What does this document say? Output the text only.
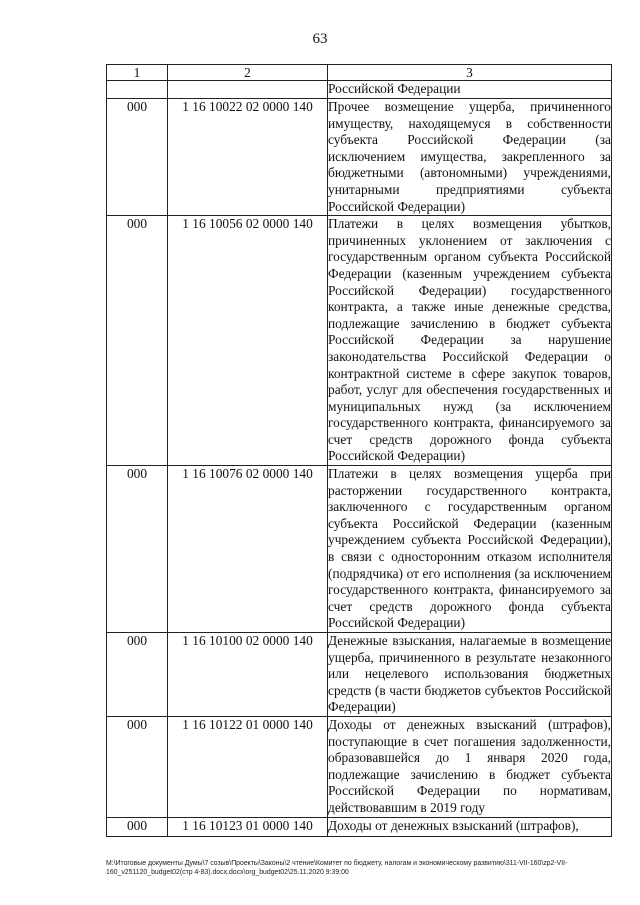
63
1	2	3
		Российской Федерации
000	1 16 10022 02 0000 140	Прочее возмещение ущерба, причиненного имуществу, находящемуся в собственности субъекта Российской Федерации (за исключением имущества, закрепленного за бюджетными (автономными) учреждениями, унитарными предприятиями субъекта Российской Федерации)
000	1 16 10056 02 0000 140	Платежи в целях возмещения убытков, причиненных уклонением от заключения с государственным органом субъекта Российской Федерации (казенным учреждением субъекта Российской Федерации) государственного контракта, а также иные денежные средства, подлежащие зачислению в бюджет субъекта Российской Федерации за нарушение законодательства Российской Федерации о контрактной системе в сфере закупок товаров, работ, услуг для обеспечения государственных и муниципальных нужд (за исключением государственного контракта, финансируемого за счет средств дорожного фонда субъекта Российской Федерации)
000	1 16 10076 02 0000 140	Платежи в целях возмещения ущерба при расторжении государственного контракта, заключенного с государственным органом субъекта Российской Федерации (казенным учреждением субъекта Российской Федерации), в связи с односторонним отказом исполнителя (подрядчика) от его исполнения (за исключением государственного контракта, финансируемого за счет средств дорожного фонда субъекта Российской Федерации)
000	1 16 10100 02 0000 140	Денежные взыскания, налагаемые в возмещение ущерба, причиненного в результате незаконного или нецелевого использования бюджетных средств (в части бюджетов субъектов Российской Федерации)
000	1 16 10122 01 0000 140	Доходы от денежных взысканий (штрафов), поступающие в счет погашения задолженности, образовавшейся до 1 января 2020 года, подлежащие зачислению в бюджет субъекта Российской Федерации по нормативам, действовавшим в 2019 году
000	1 16 10123 01 0000 140	Доходы от денежных взысканий (штрафов),
М:\Итоговые документы Думы\7 созыв\Проекты\Законы\2 чтение\Комитет по бюджету, налогам и экономическому развитию\311-VII-160\zp2-VII-
160_v251120_budget02(стр 4-83).docx.docx\org_budget02\25.11.2020 9:39:00
